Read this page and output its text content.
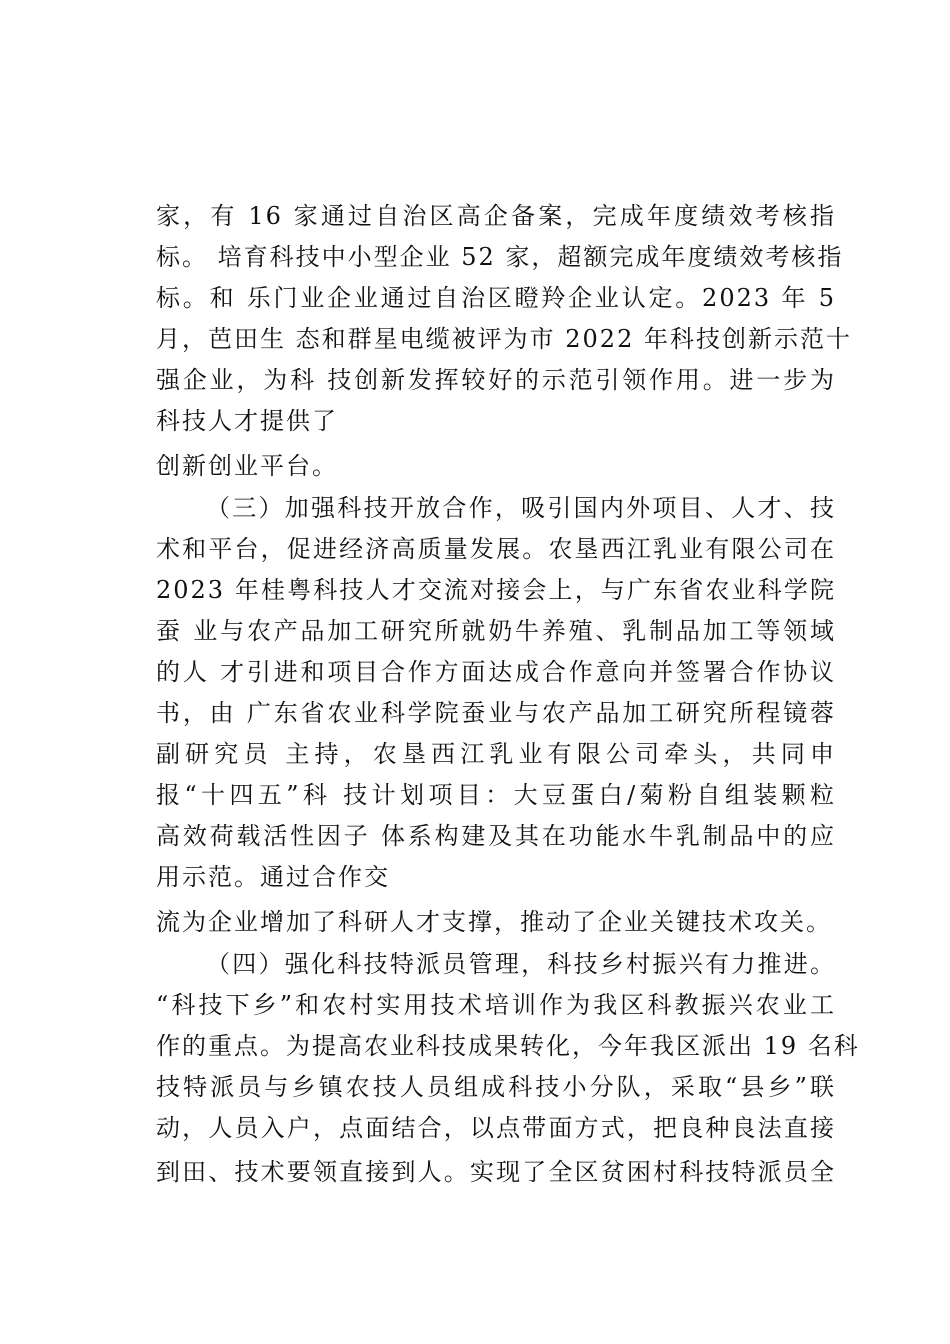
家，有 16 家通过自治区高企备案，完成年度绩效考核指
标。 培育科技中小型企业 52 家，超额完成年度绩效考核指
标。和 乐门业企业通过自治区瞪羚企业认定。2023 年 5
月，芭田生 态和群星电缆被评为市 2022 年科技创新示范十
强企业，为科 技创新发挥较好的示范引领作用。进一步为
科技人才提供了
创新创业平台。
（三）加强科技开放合作，吸引国内外项目、人才、技
术和平台，促进经济高质量发展。农垦西江乳业有限公司在
2023 年桂粤科技人才交流对接会上，与广东省农业科学院
蚕 业与农产品加工研究所就奶牛养殖、乳制品加工等领域
的人 才引进和项目合作方面达成合作意向并签署合作协议
书，由 广东省农业科学院蚕业与农产品加工研究所程镜蓉
副研究员 主持，农垦西江乳业有限公司牵头，共同申
报“十四五”科 技计划项目：大豆蛋白/菊粉自组装颗粒
高效荷载活性因子 体系构建及其在功能水牛乳制品中的应
用示范。通过合作交
流为企业增加了科研人才支撑，推动了企业关键技术攻关。
（四）强化科技特派员管理，科技乡村振兴有力推进。
“科技下乡”和农村实用技术培训作为我区科教振兴农业工
作的重点。为提高农业科技成果转化，今年我区派出 19 名科
技特派员与乡镇农技人员组成科技小分队，采取“县乡”联
动，人员入户，点面结合，以点带面方式，把良种良法直接
到田、技术要领直接到人。实现了全区贫困村科技特派员全
